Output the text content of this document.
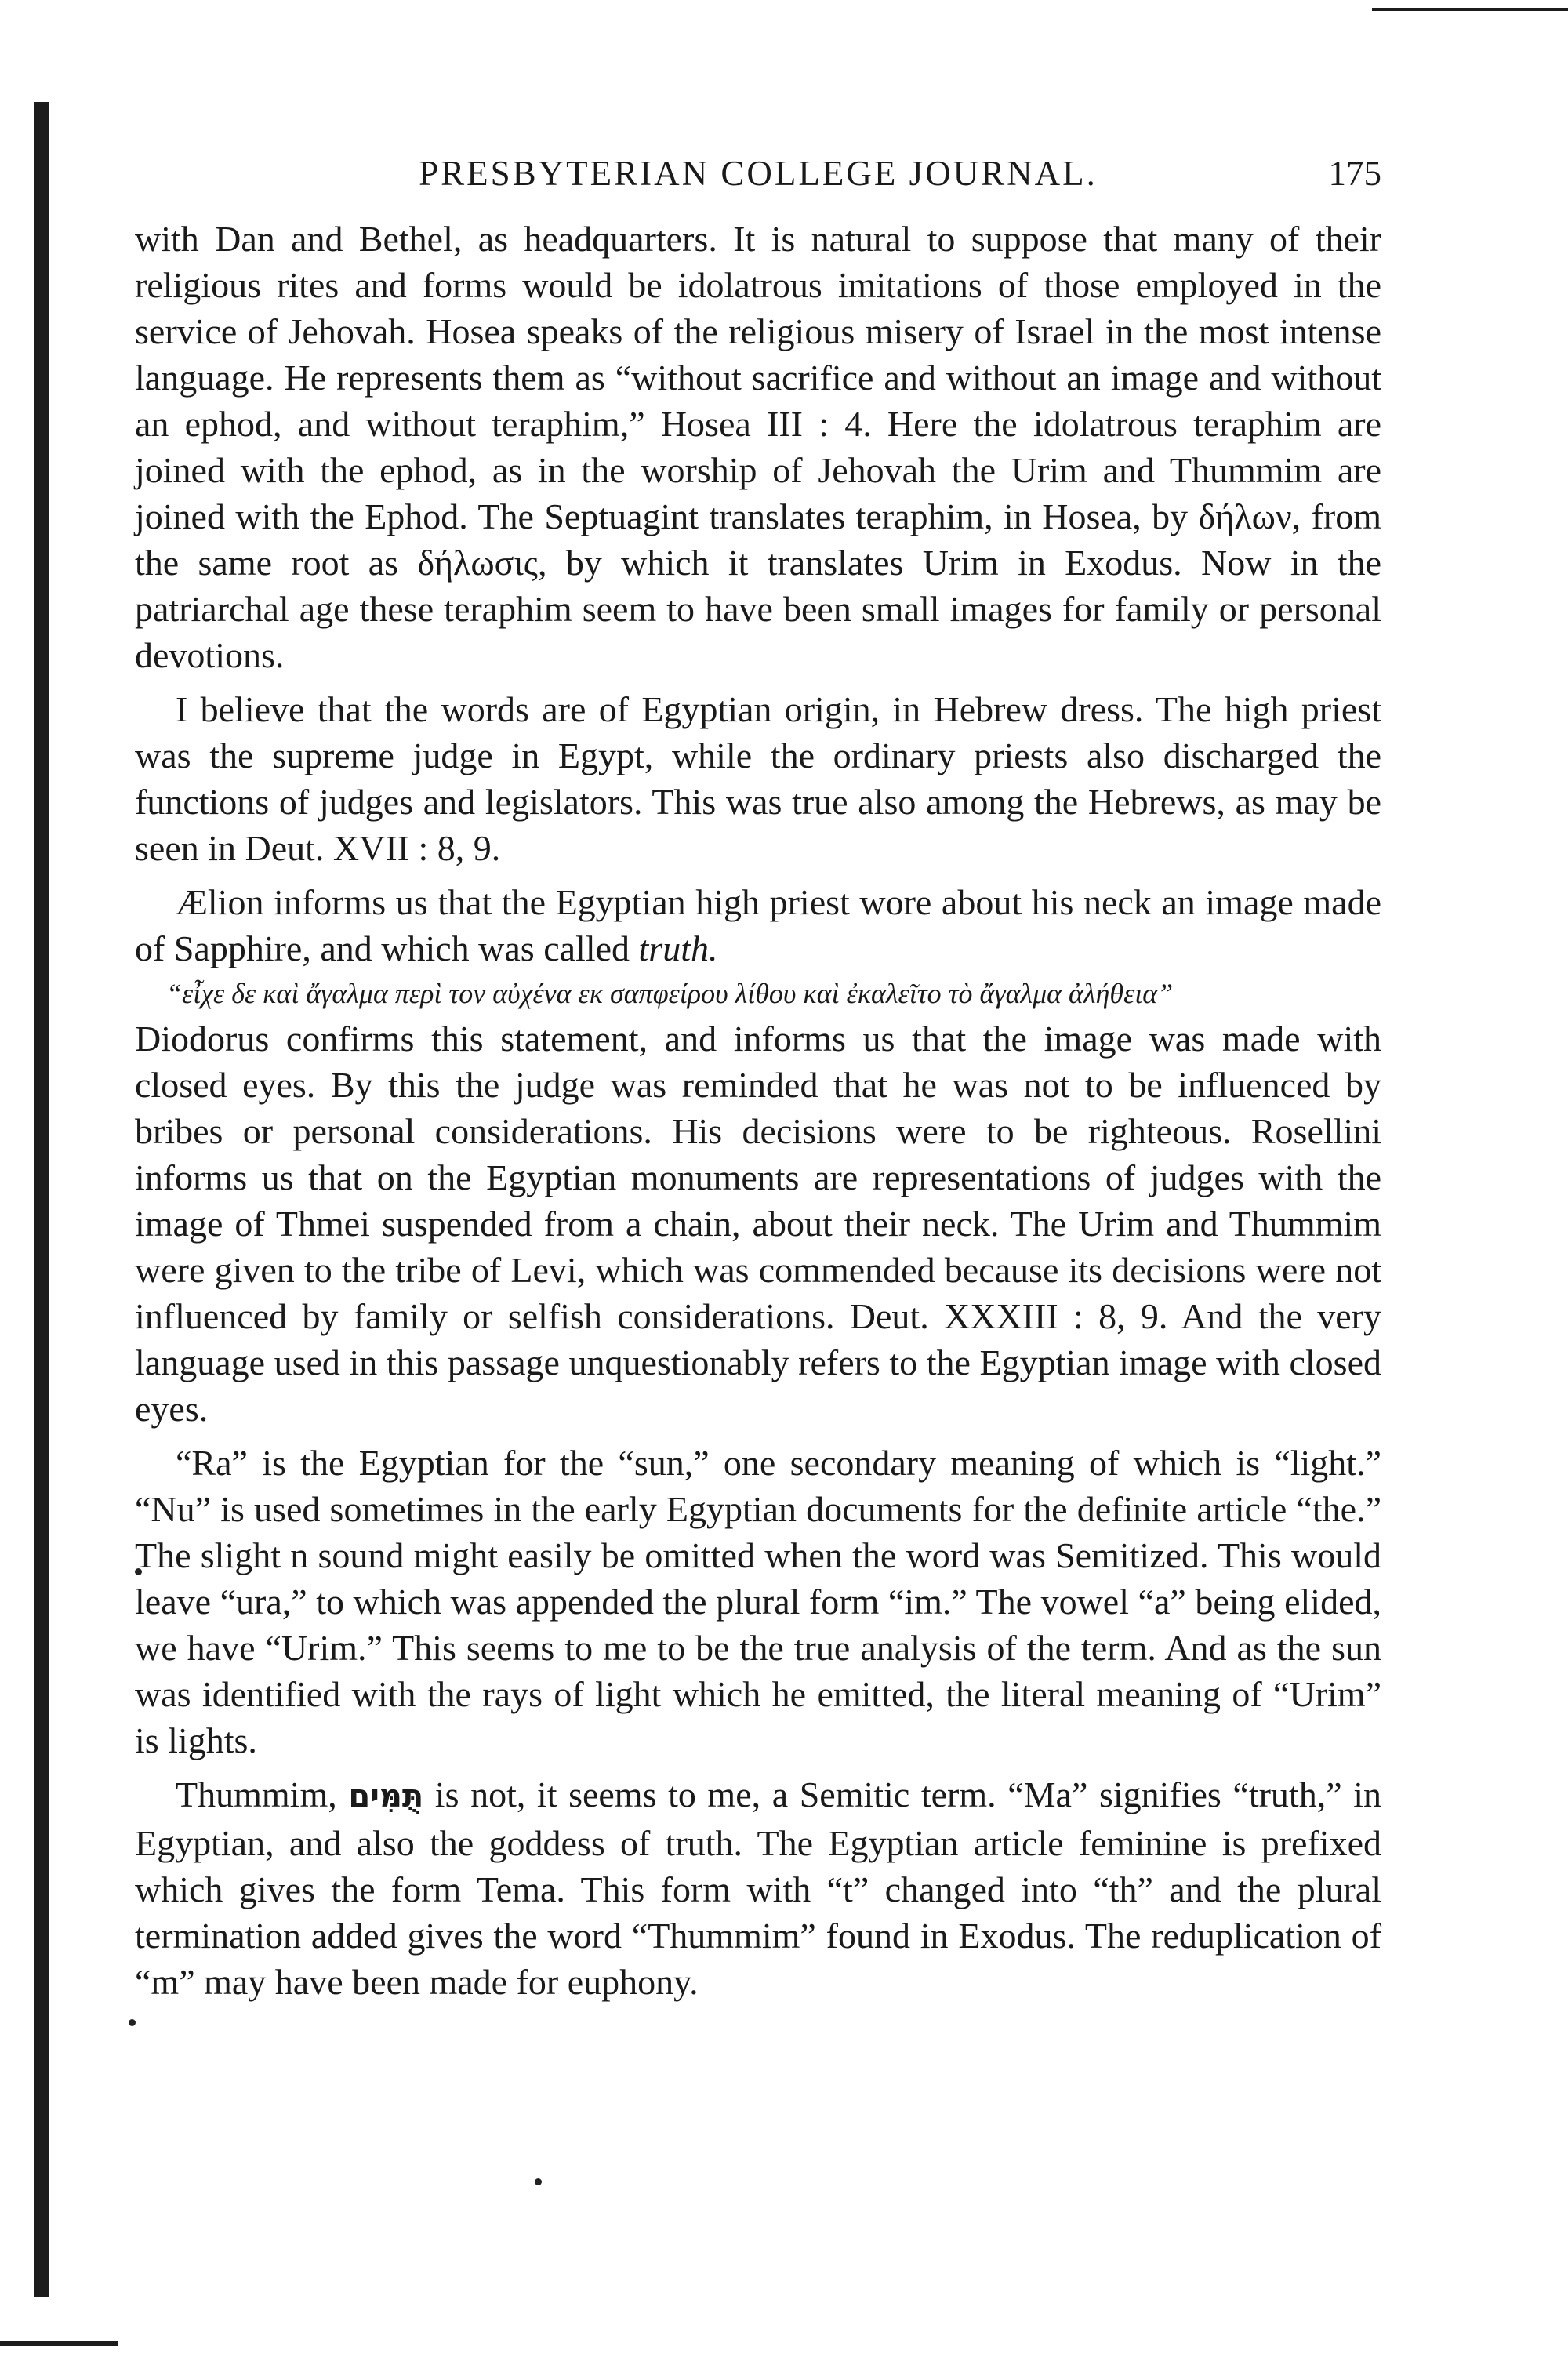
PRESBYTERIAN COLLEGE JOURNAL.	175

with Dan and Bethel, as headquarters. It is natural to suppose that many of their religious rites and forms would be idolatrous imitations of those employed in the service of Jehovah. Hosea speaks of the religious misery of Israel in the most intense language. He represents them as “without sacrifice and without an image and without an ephod, and without teraphim,” Hosea III : 4. Here the idolatrous teraphim are joined with the ephod, as in the worship of Jehovah the Urim and Thummim are joined with the Ephod. The Septuagint translates teraphim, in Hosea, by δήλων, from the same root as δήλωσις, by which it translates Urim in Exodus. Now in the patriarchal age these teraphim seem to have been small images for family or personal devotions.

I believe that the words are of Egyptian origin, in Hebrew dress. The high priest was the supreme judge in Egypt, while the ordinary priests also discharged the functions of judges and legislators. This was true also among the Hebrews, as may be seen in Deut. XVII : 8, 9.

Ælion informs us that the Egyptian high priest wore about his neck an image made of Sapphire, and which was called truth.

“εἶχε δε καὶ ἄγαλμα περὶ τον αὐχένα εκ σαπφείρου λίθου καὶ ἐκαλεῖτο τὸ ἄγαλμα ἀλήθεια”

Diodorus confirms this statement, and informs us that the image was made with closed eyes. By this the judge was reminded that he was not to be influenced by bribes or personal considerations. His decisions were to be righteous. Rosellini informs us that on the Egyptian monuments are representations of judges with the image of Thmei suspended from a chain, about their neck. The Urim and Thummim were given to the tribe of Levi, which was commended because its decisions were not influenced by family or selfish considerations. Deut. XXXIII : 8, 9. And the very language used in this passage unquestionably refers to the Egyptian image with closed eyes.

“Ra” is the Egyptian for the “sun,” one secondary meaning of which is “light.” “Nu” is used sometimes in the early Egyptian documents for the definite article “the.” The slight n sound might easily be omitted when the word was Semitized. This would leave “ura,” to which was appended the plural form “im.” The vowel “a” being elided, we have “Urim.” This seems to me to be the true analysis of the term. And as the sun was identified with the rays of light which he emitted, the literal meaning of “Urim” is lights.

Thummim, תֻּמִּים is not, it seems to me, a Semitic term. “Ma” signifies “truth,” in Egyptian, and also the goddess of truth. The Egyptian article feminine is prefixed which gives the form Tema. This form with “t” changed into “th” and the plural termination added gives the word “Thummim” found in Exodus. The reduplication of “m” may have been made for euphony.
